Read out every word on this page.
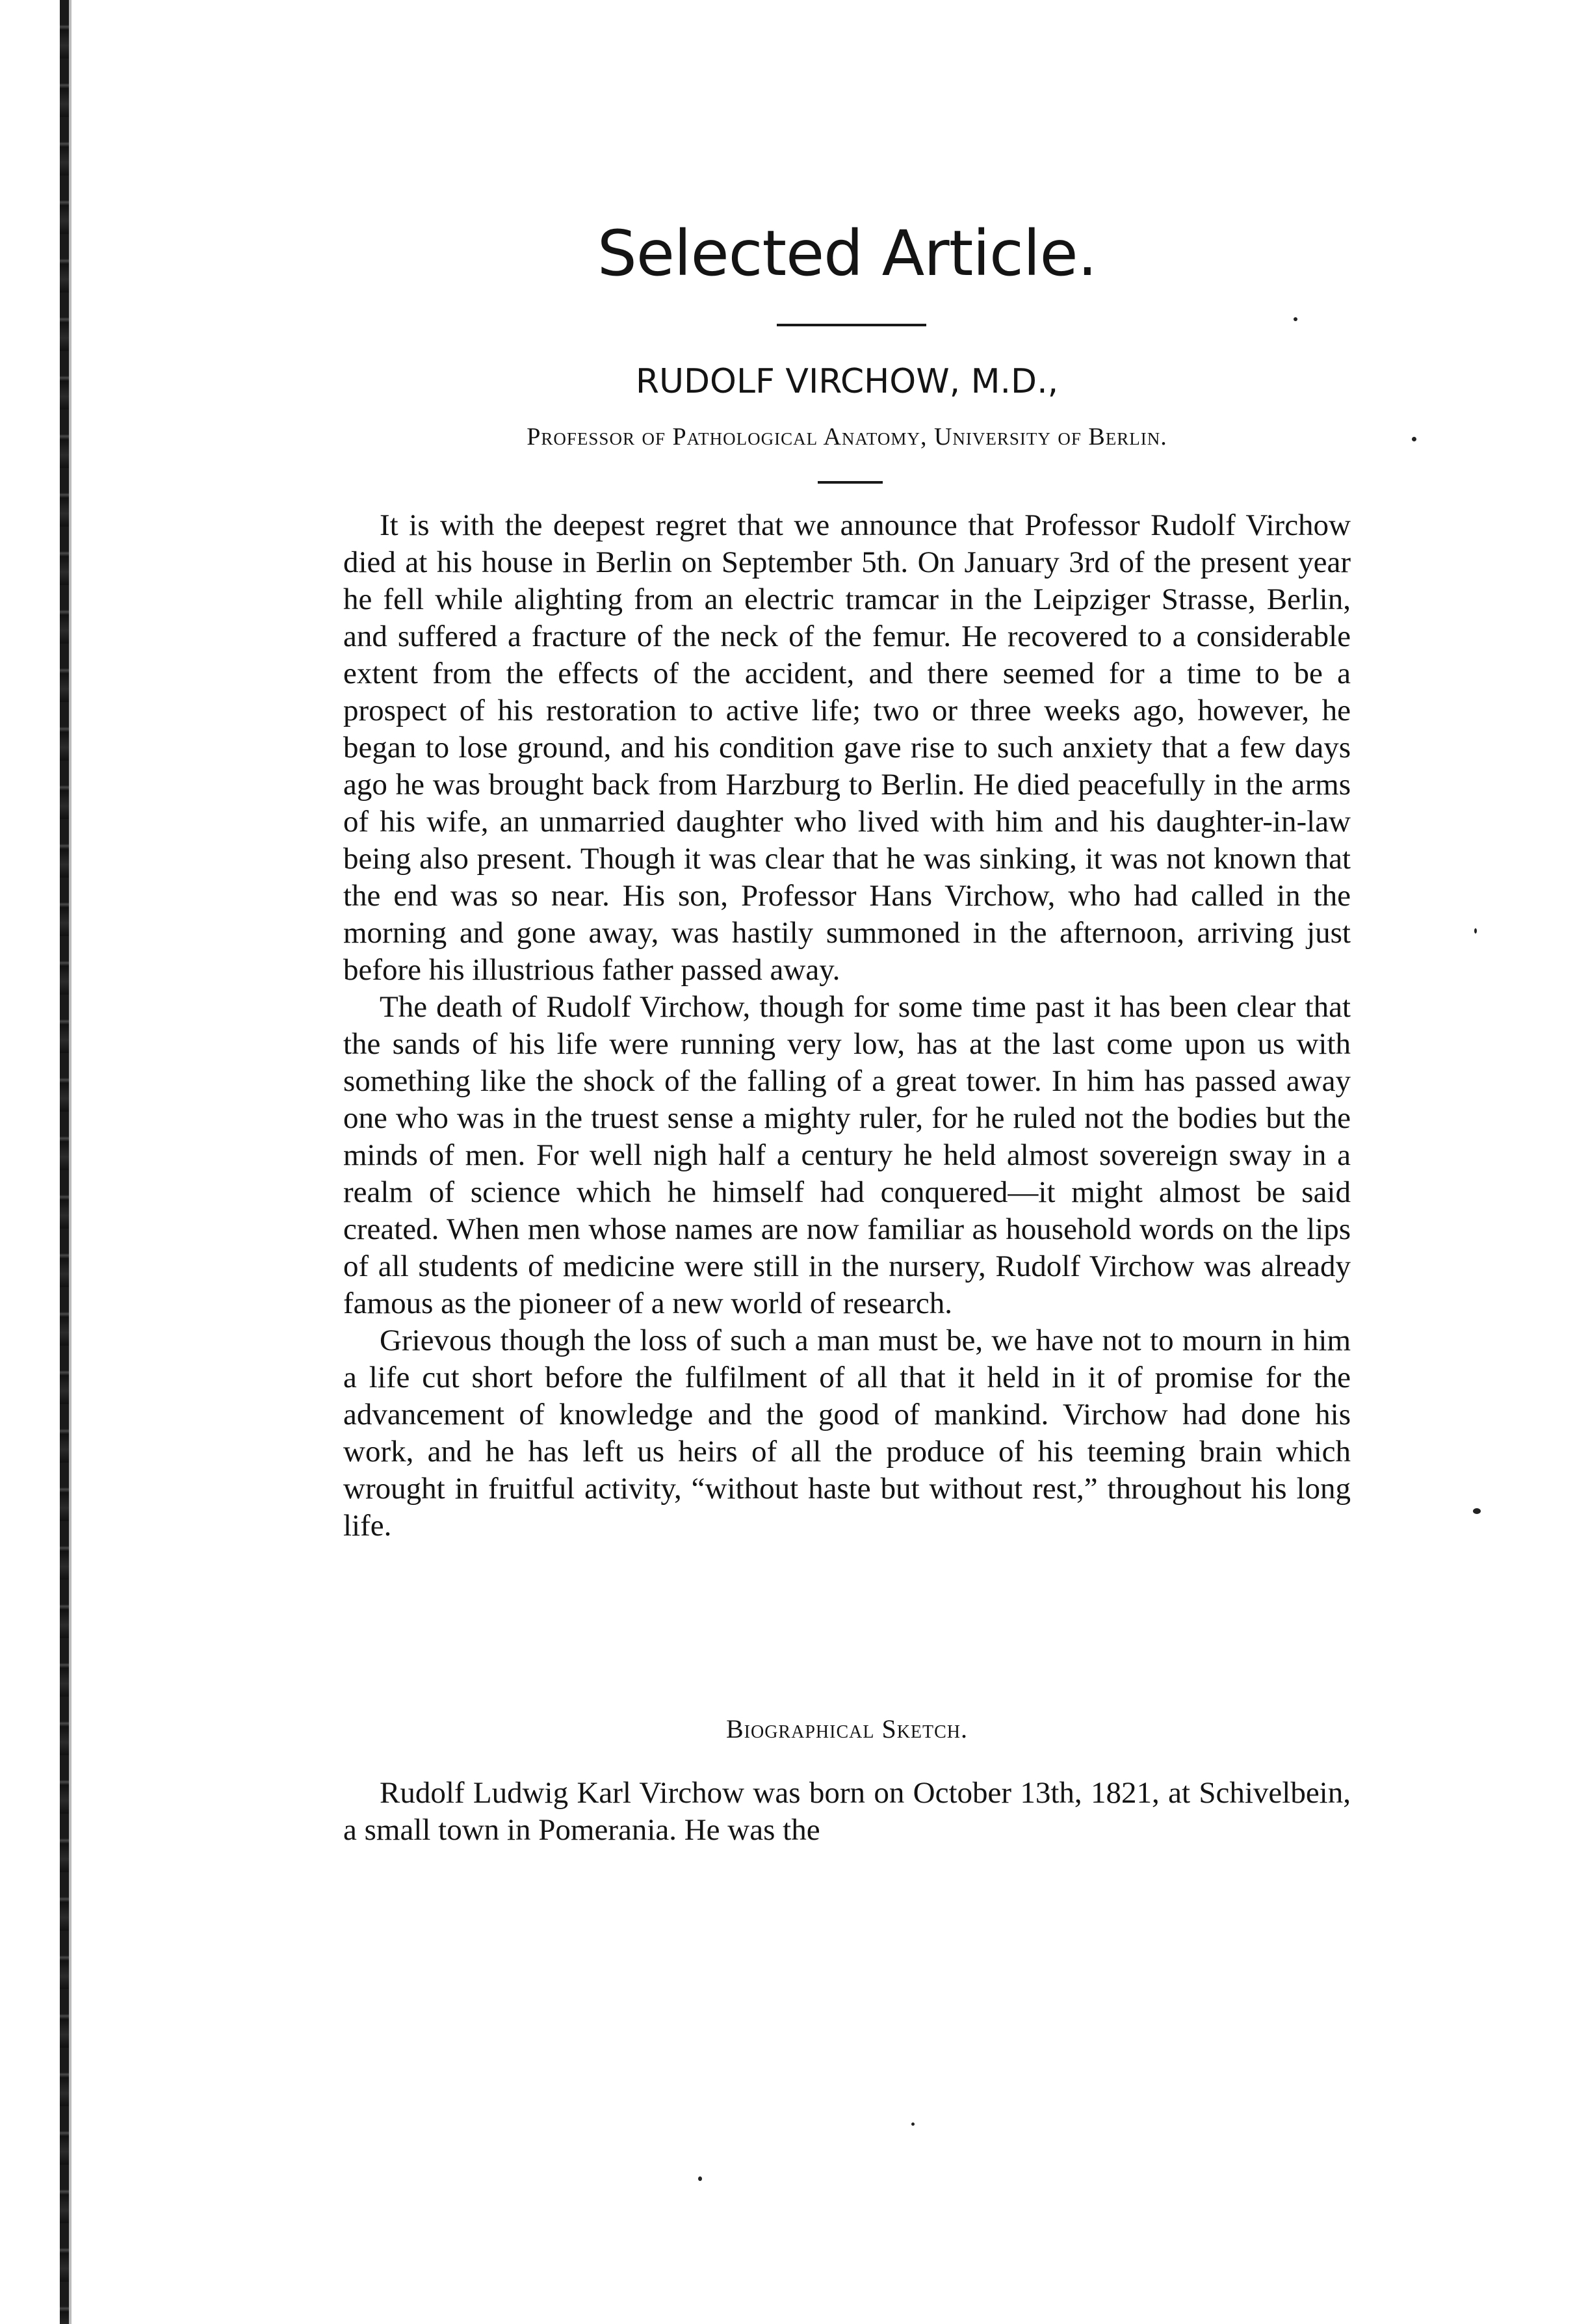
Selected Article.
RUDOLF VIRCHOW, M.D.,
Professor of Pathological Anatomy, University of Berlin.

It is with the deepest regret that we announce that Professor Rudolf Virchow died at his house in Berlin on September 5th. On January 3rd of the present year he fell while alighting from an electric tramcar in the Leipziger Strasse, Berlin, and suffered a fracture of the neck of the femur. He recovered to a considerable extent from the effects of the accident, and there seemed for a time to be a prospect of his restoration to active life; two or three weeks ago, however, he began to lose ground, and his condition gave rise to such anxiety that a few days ago he was brought back from Harzburg to Berlin. He died peacefully in the arms of his wife, an unmarried daughter who lived with him and his daughter-in-law being also present. Though it was clear that he was sinking, it was not known that the end was so near. His son, Professor Hans Virchow, who had called in the morning and gone away, was hastily summoned in the afternoon, arriving just before his illustrious father passed away.

The death of Rudolf Virchow, though for some time past it has been clear that the sands of his life were running very low, has at the last come upon us with something like the shock of the falling of a great tower. In him has passed away one who was in the truest sense a mighty ruler, for he ruled not the bodies but the minds of men. For well nigh half a century he held almost sovereign sway in a realm of science which he himself had conquered—it might almost be said created. When men whose names are now familiar as household words on the lips of all students of medicine were still in the nursery, Rudolf Virchow was already famous as the pioneer of a new world of research.

Grievous though the loss of such a man must be, we have not to mourn in him a life cut short before the fulfilment of all that it held in it of promise for the advancement of knowledge and the good of mankind. Virchow had done his work, and he has left us heirs of all the produce of his teeming brain which wrought in fruitful activity, “without haste but without rest,” throughout his long life.

Biographical Sketch.

Rudolf Ludwig Karl Virchow was born on October 13th, 1821, at Schivelbein, a small town in Pomerania. He was the
